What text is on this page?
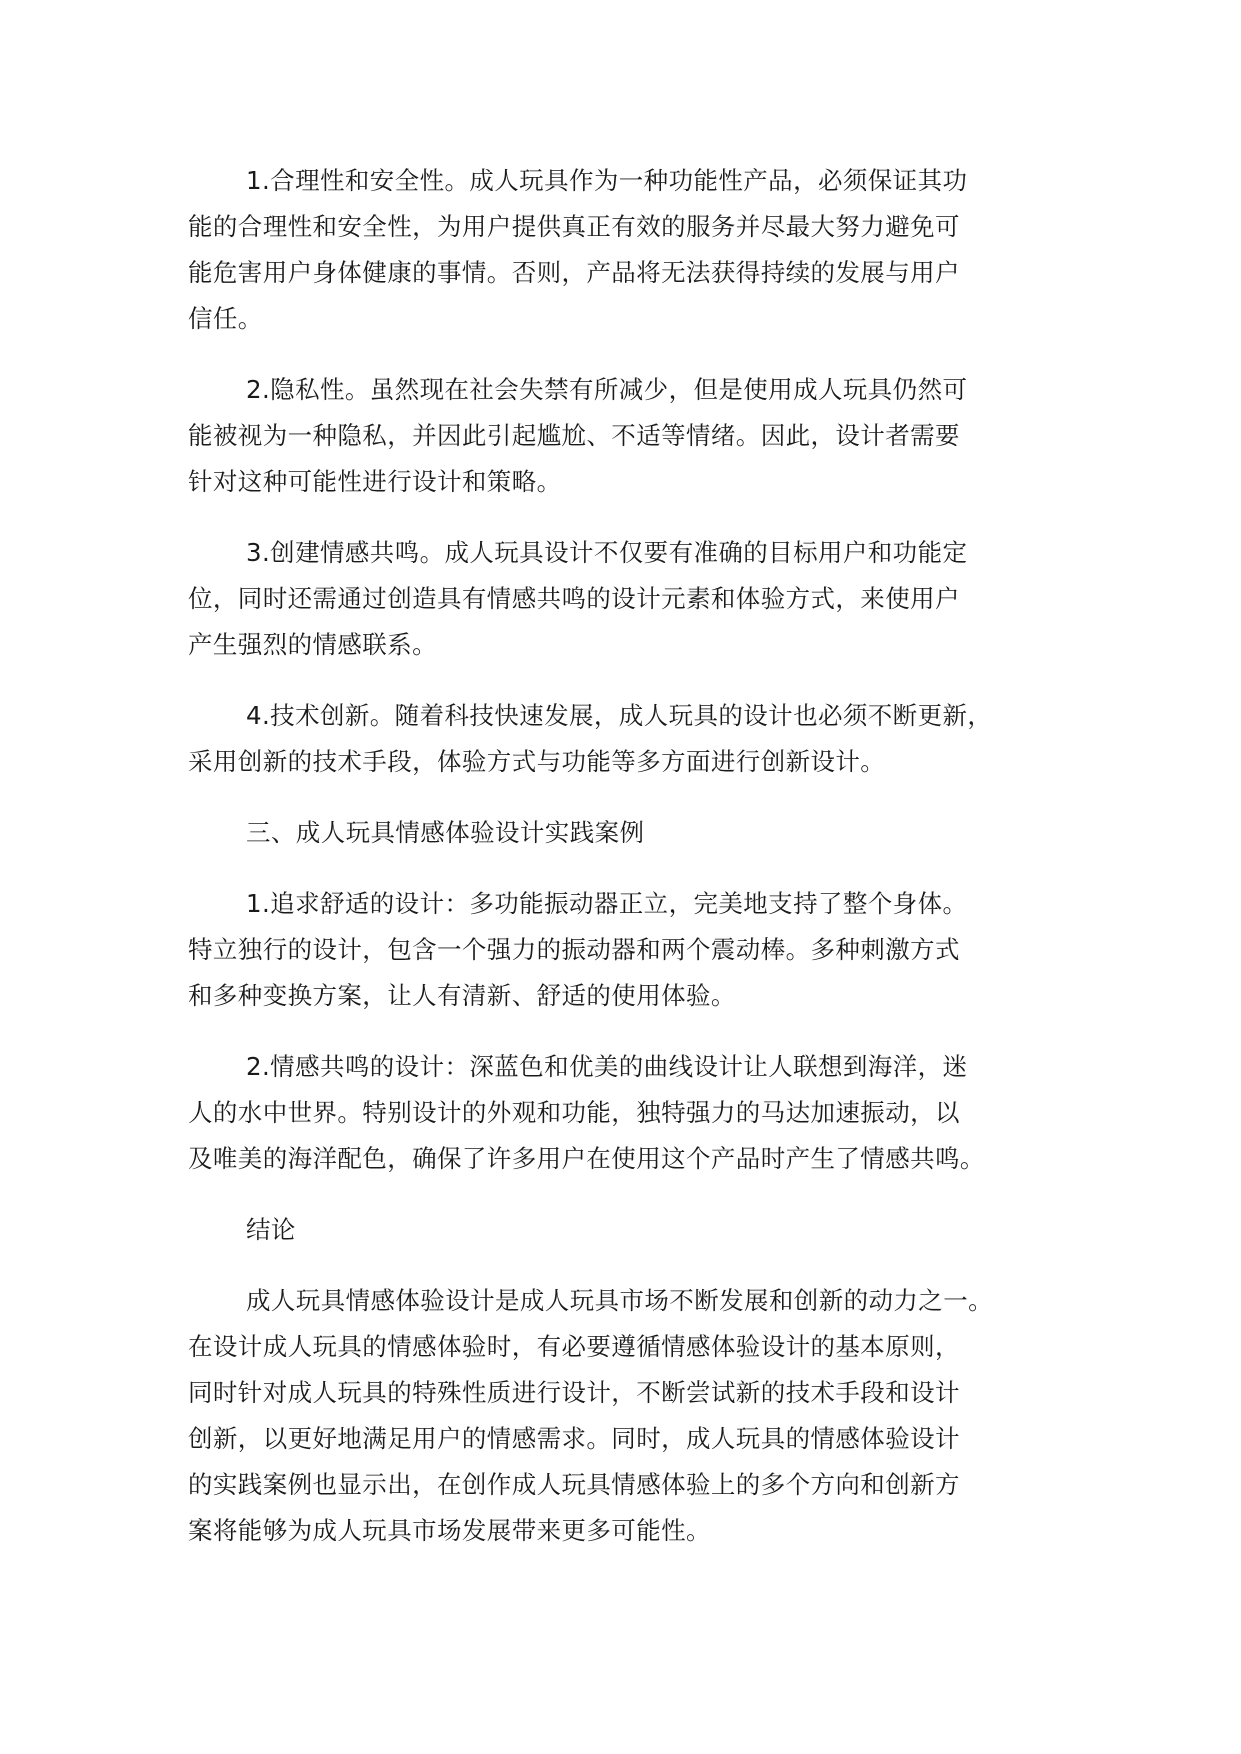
1.合理性和安全性。成人玩具作为一种功能性产品，必须保证其功
能的合理性和安全性，为用户提供真正有效的服务并尽最大努力避免可
能危害用户身体健康的事情。否则，产品将无法获得持续的发展与用户
信任。

2.隐私性。虽然现在社会失禁有所减少，但是使用成人玩具仍然可
能被视为一种隐私，并因此引起尴尬、不适等情绪。因此，设计者需要
针对这种可能性进行设计和策略。

3.创建情感共鸣。成人玩具设计不仅要有准确的目标用户和功能定
位，同时还需通过创造具有情感共鸣的设计元素和体验方式，来使用户
产生强烈的情感联系。

4.技术创新。随着科技快速发展，成人玩具的设计也必须不断更新，
采用创新的技术手段，体验方式与功能等多方面进行创新设计。

三、成人玩具情感体验设计实践案例

1.追求舒适的设计：多功能振动器正立，完美地支持了整个身体。
特立独行的设计，包含一个强力的振动器和两个震动棒。多种刺激方式
和多种变换方案，让人有清新、舒适的使用体验。

2.情感共鸣的设计：深蓝色和优美的曲线设计让人联想到海洋，迷
人的水中世界。特别设计的外观和功能，独特强力的马达加速振动，以
及唯美的海洋配色，确保了许多用户在使用这个产品时产生了情感共鸣。

结论

成人玩具情感体验设计是成人玩具市场不断发展和创新的动力之一。
在设计成人玩具的情感体验时，有必要遵循情感体验设计的基本原则，
同时针对成人玩具的特殊性质进行设计，不断尝试新的技术手段和设计
创新，以更好地满足用户的情感需求。同时，成人玩具的情感体验设计
的实践案例也显示出，在创作成人玩具情感体验上的多个方向和创新方
案将能够为成人玩具市场发展带来更多可能性。
